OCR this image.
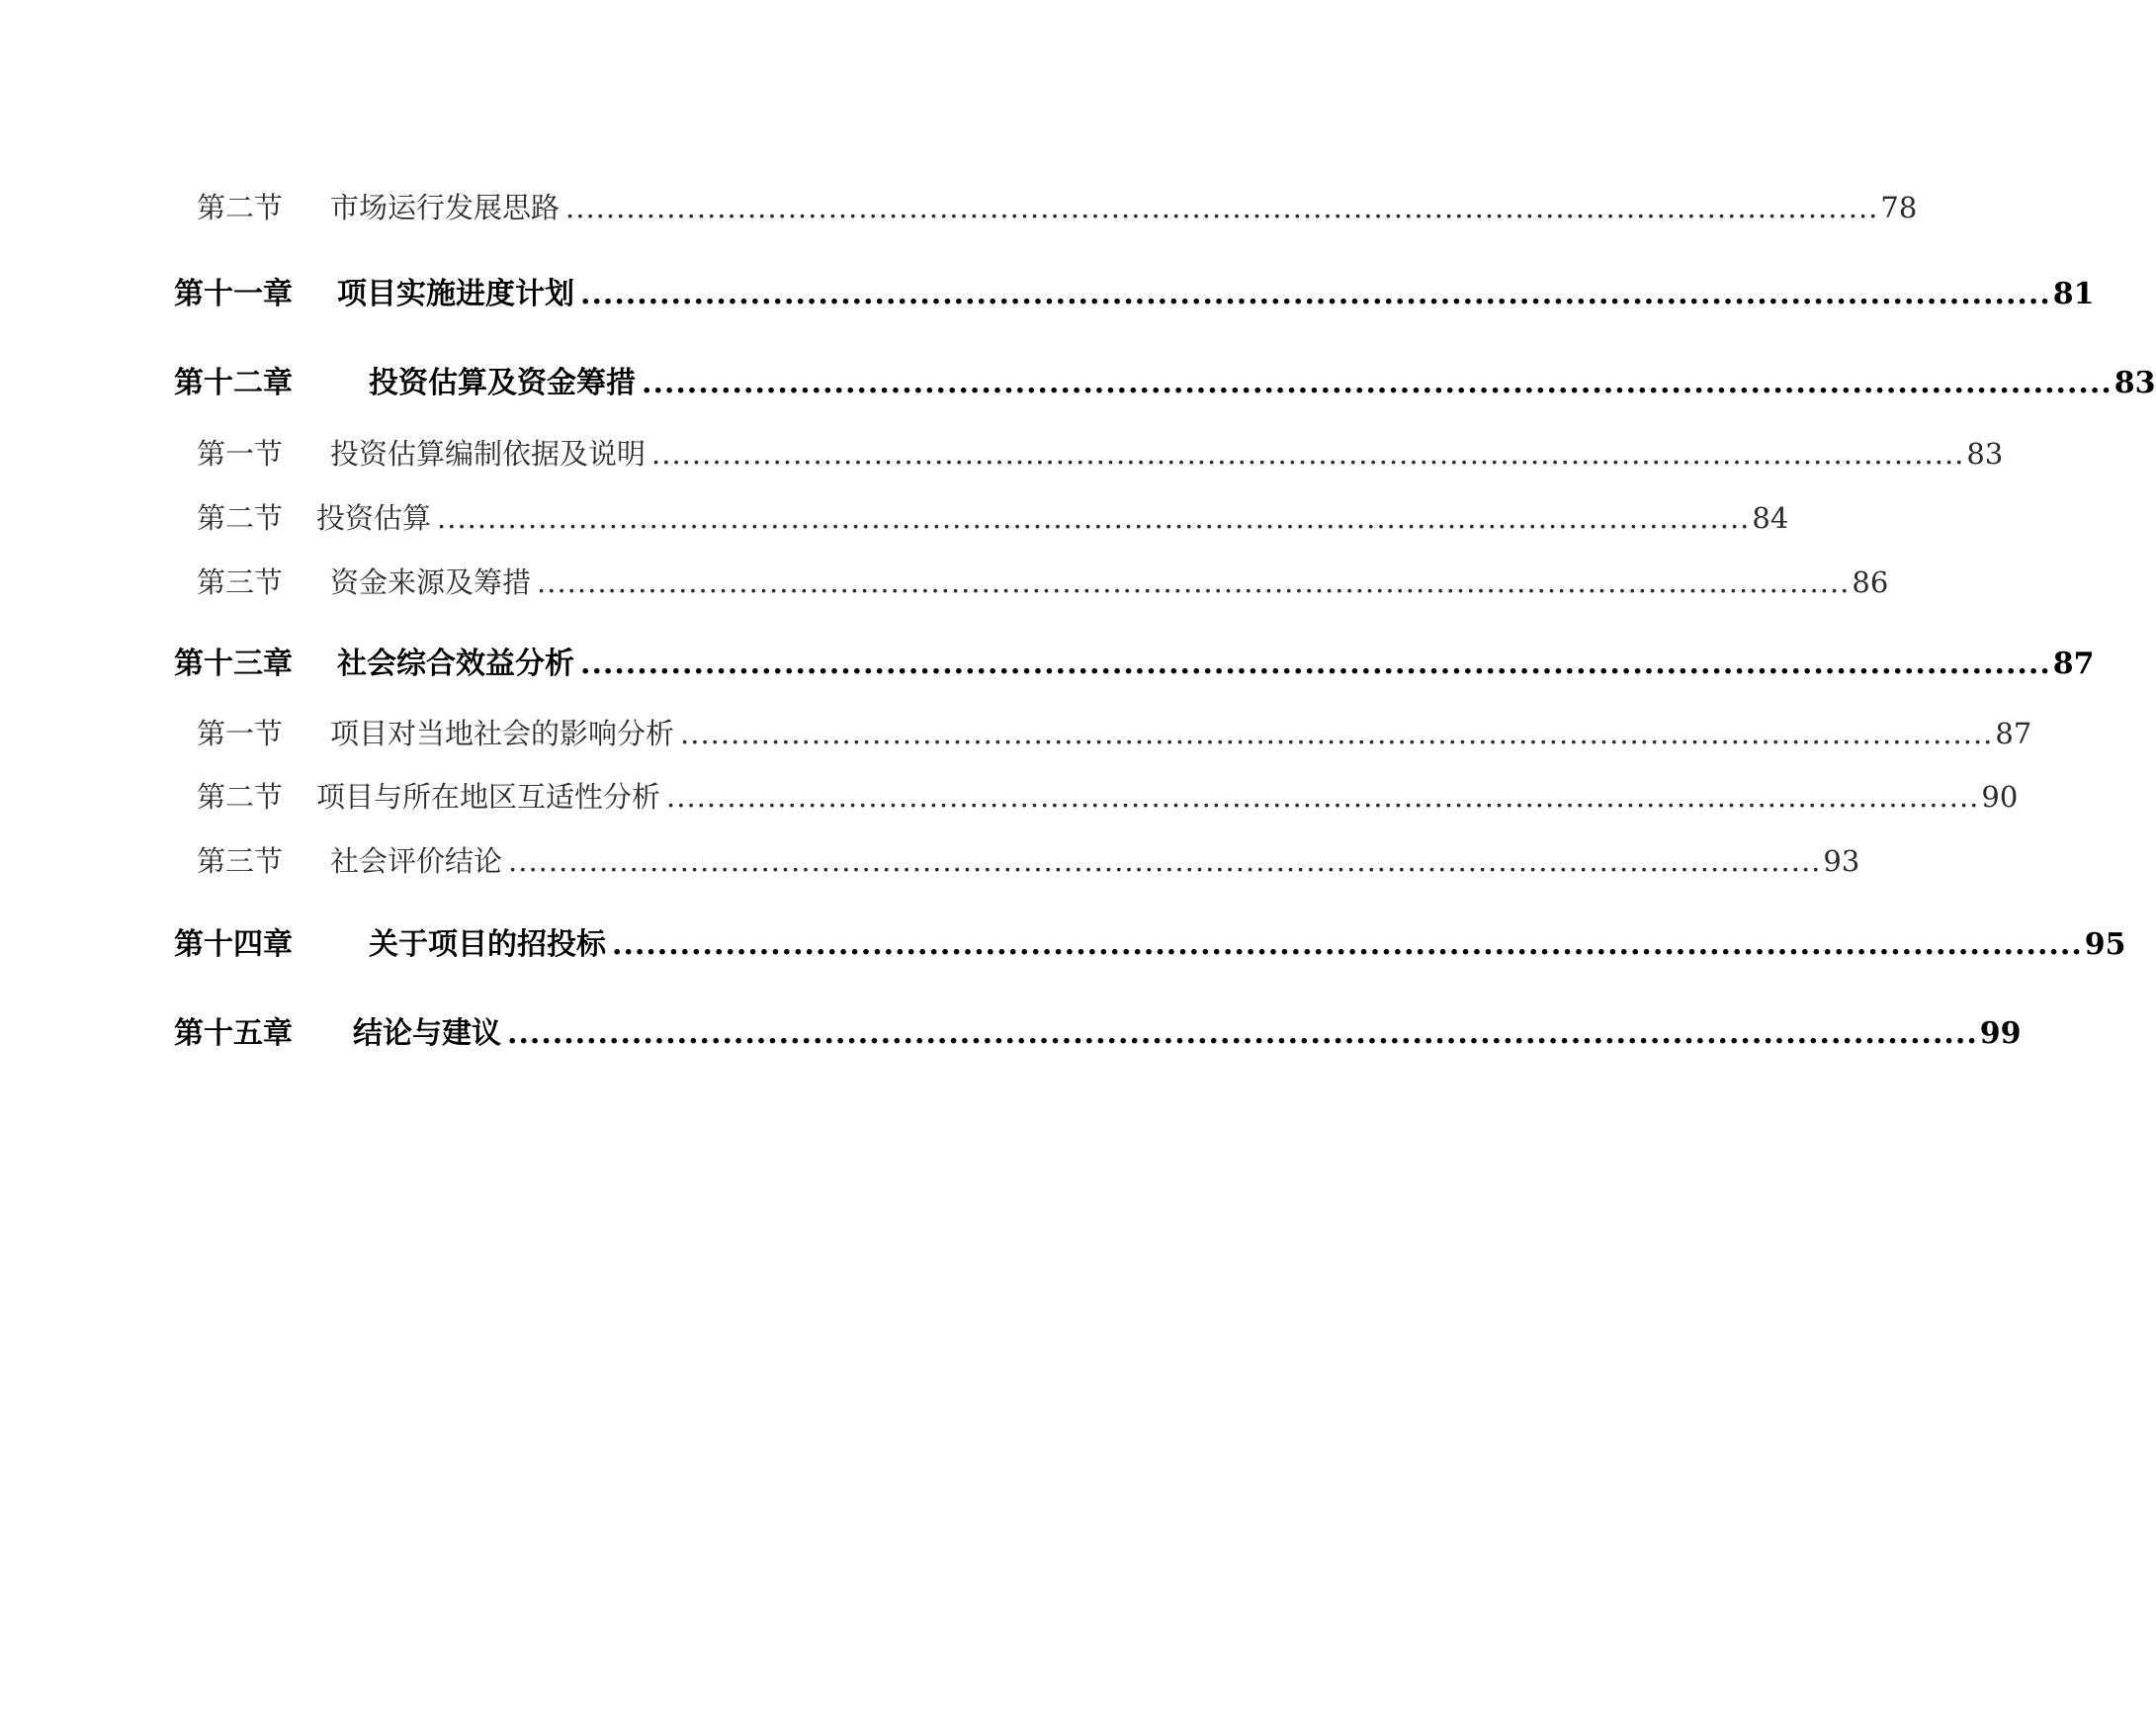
第二节	市场运行发展思路 .................................................................................................................................. 78
第十一章	项目实施进度计划 .................................................................................................................................. 81
第十二章	投资估算及资金筹措 .................................................................................................................................. 83
第一节	投资估算编制依据及说明 .................................................................................................................................. 83
第二节	投资估算 .................................................................................................................................. 84
第三节	资金来源及筹措 .................................................................................................................................. 86
第十三章	社会综合效益分析 .................................................................................................................................. 87
第一节	项目对当地社会的影响分析 .................................................................................................................................. 87
第二节	项目与所在地区互适性分析 .................................................................................................................................. 90
第三节	社会评价结论 .................................................................................................................................. 93
第十四章	关于项目的招投标 .................................................................................................................................. 95
第十五章	结论与建议 .................................................................................................................................. 99
